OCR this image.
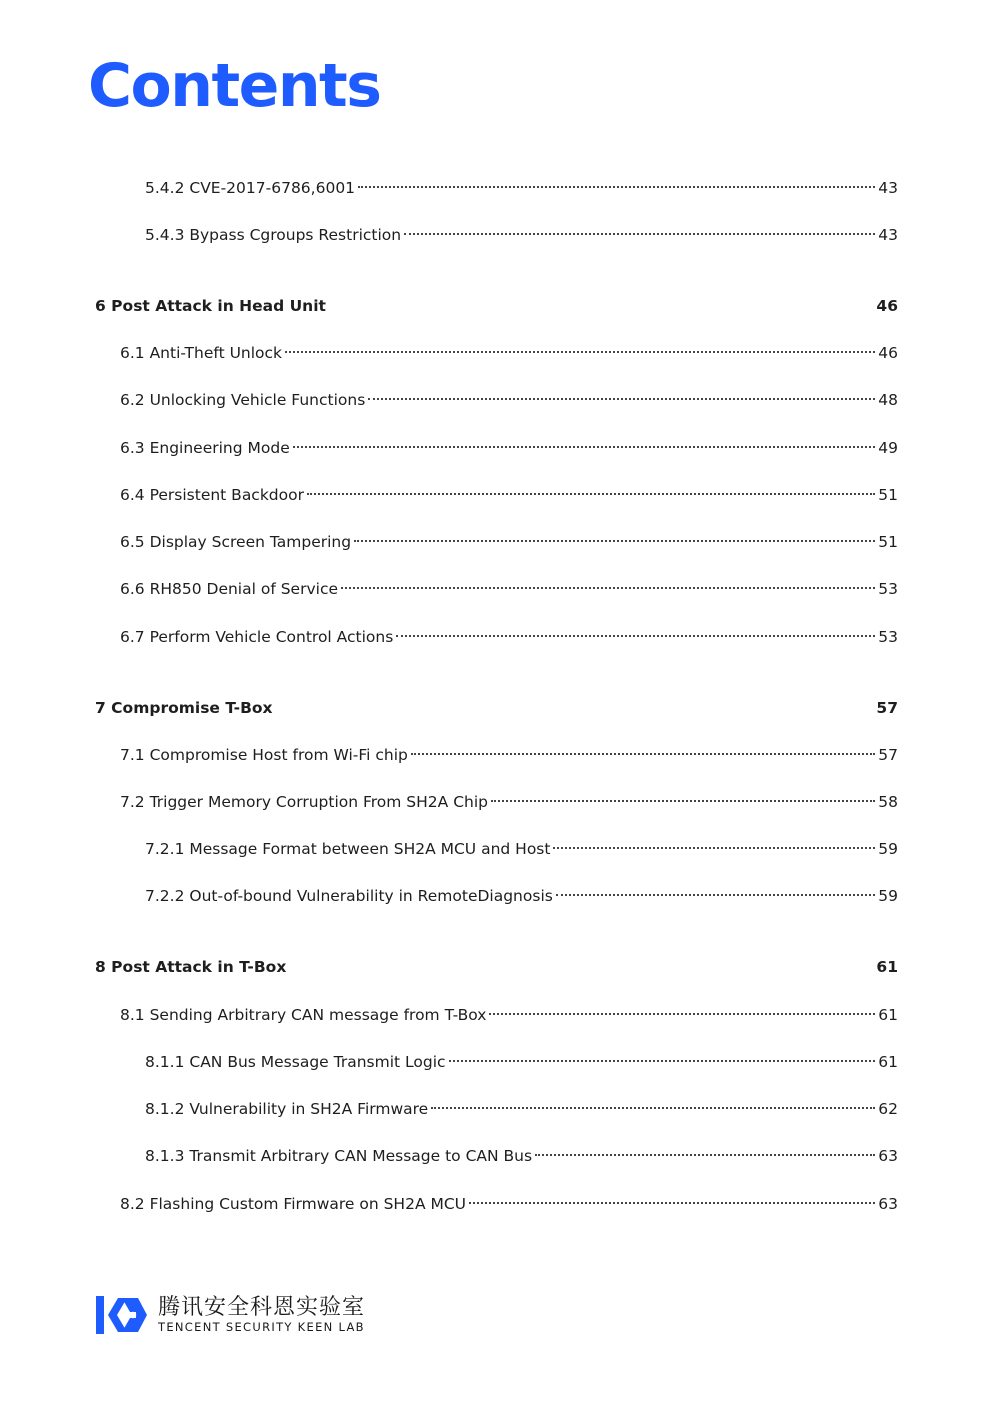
Contents
5.4.2 CVE-2017-6786,6001	43
5.4.3 Bypass Cgroups Restriction	43
6 Post Attack in Head Unit	46
6.1 Anti-Theft Unlock	46
6.2 Unlocking Vehicle Functions	48
6.3 Engineering Mode	49
6.4 Persistent Backdoor	51
6.5 Display Screen Tampering	51
6.6 RH850 Denial of Service	53
6.7 Perform Vehicle Control Actions	53
7 Compromise T-Box	57
7.1 Compromise Host from Wi-Fi chip	57
7.2 Trigger Memory Corruption From SH2A Chip	58
7.2.1 Message Format between SH2A MCU and Host	59
7.2.2 Out-of-bound Vulnerability in RemoteDiagnosis	59
8 Post Attack in T-Box	61
8.1 Sending Arbitrary CAN message from T-Box	61
8.1.1 CAN Bus Message Transmit Logic	61
8.1.2 Vulnerability in SH2A Firmware	62
8.1.3 Transmit Arbitrary CAN Message to CAN Bus	63
8.2 Flashing Custom Firmware on SH2A MCU	63
腾讯安全科恩实验室
TENCENT SECURITY KEEN LAB
